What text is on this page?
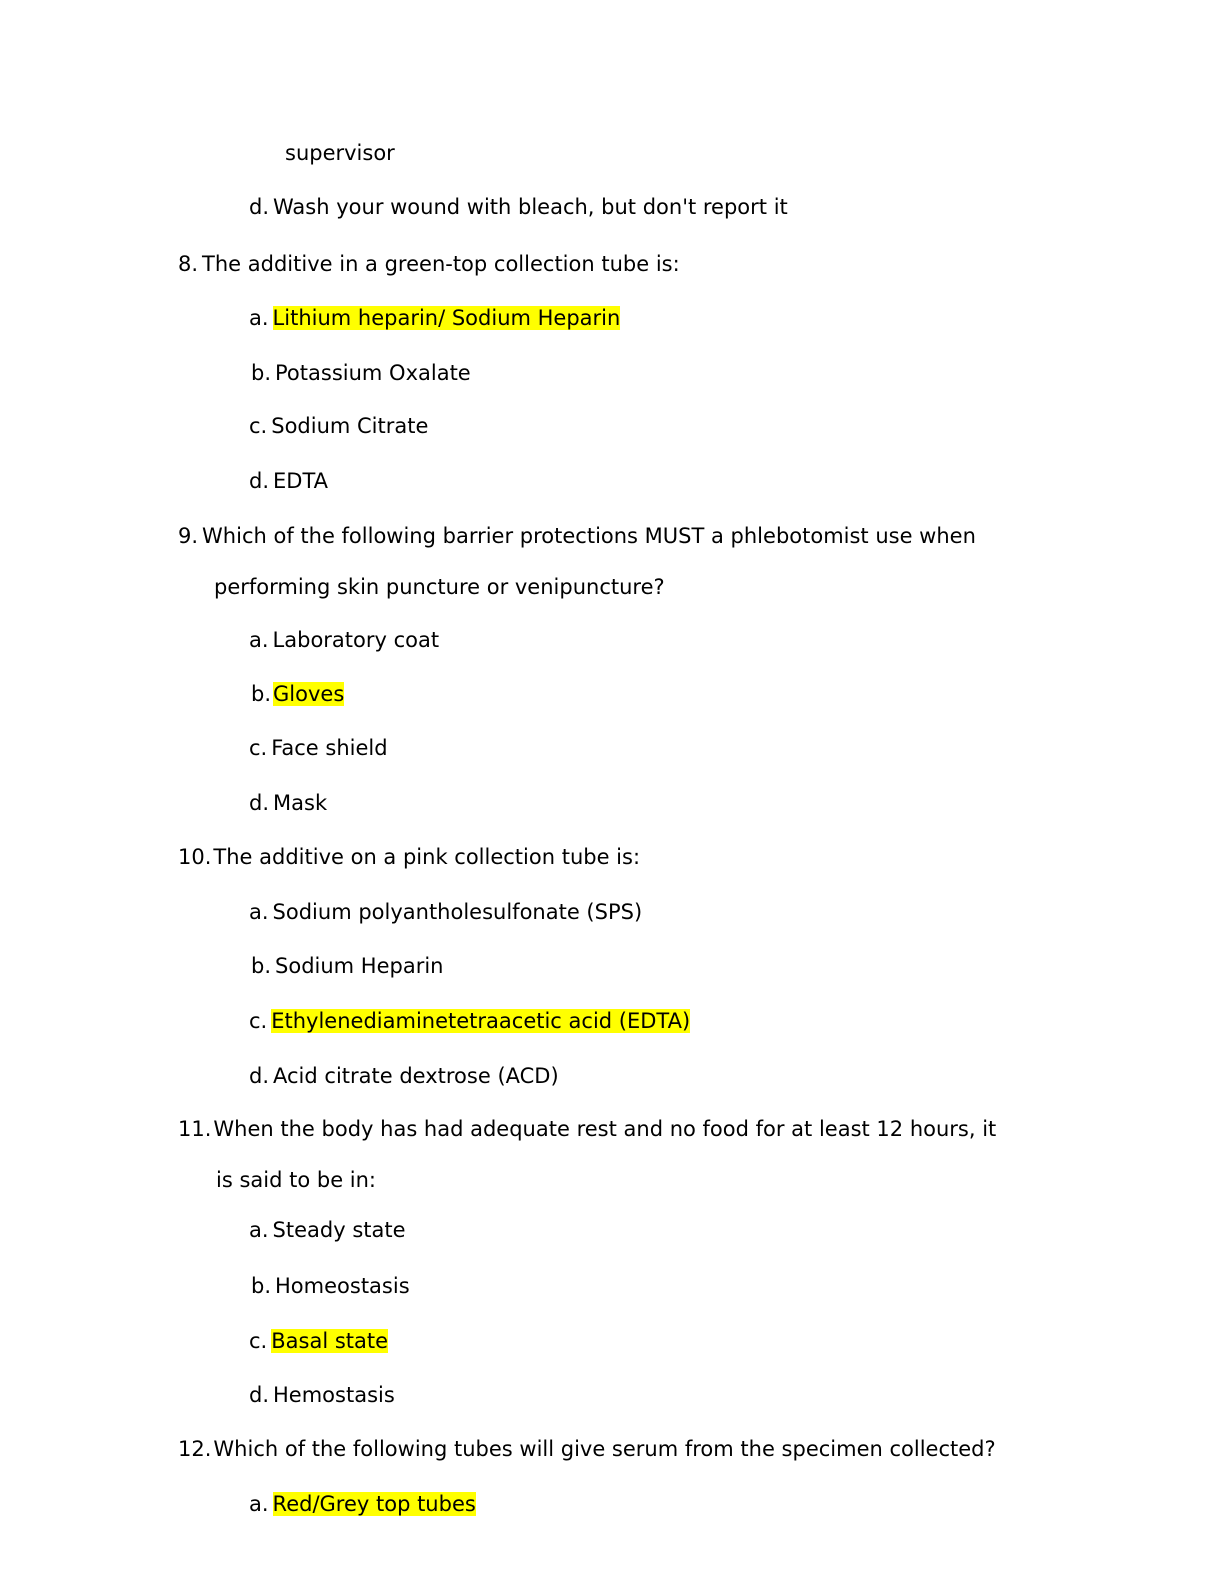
supervisor
d. Wash your wound with bleach, but don't report it
8. The additive in a green-top collection tube is:
a. Lithium heparin/ Sodium Heparin
b. Potassium Oxalate
c. Sodium Citrate
d. EDTA
9. Which of the following barrier protections MUST a phlebotomist use when
performing skin puncture or venipuncture?
a. Laboratory coat
b.Gloves
c. Face shield
d. Mask
10.The additive on a pink collection tube is:
a. Sodium polyantholesulfonate (SPS)
b. Sodium Heparin
c. Ethylenediaminetetraacetic acid (EDTA)
d. Acid citrate dextrose (ACD)
11.When the body has had adequate rest and no food for at least 12 hours, it
is said to be in:
a. Steady state
b. Homeostasis
c. Basal state
d. Hemostasis
12.Which of the following tubes will give serum from the specimen collected?
a. Red/Grey top tubes
